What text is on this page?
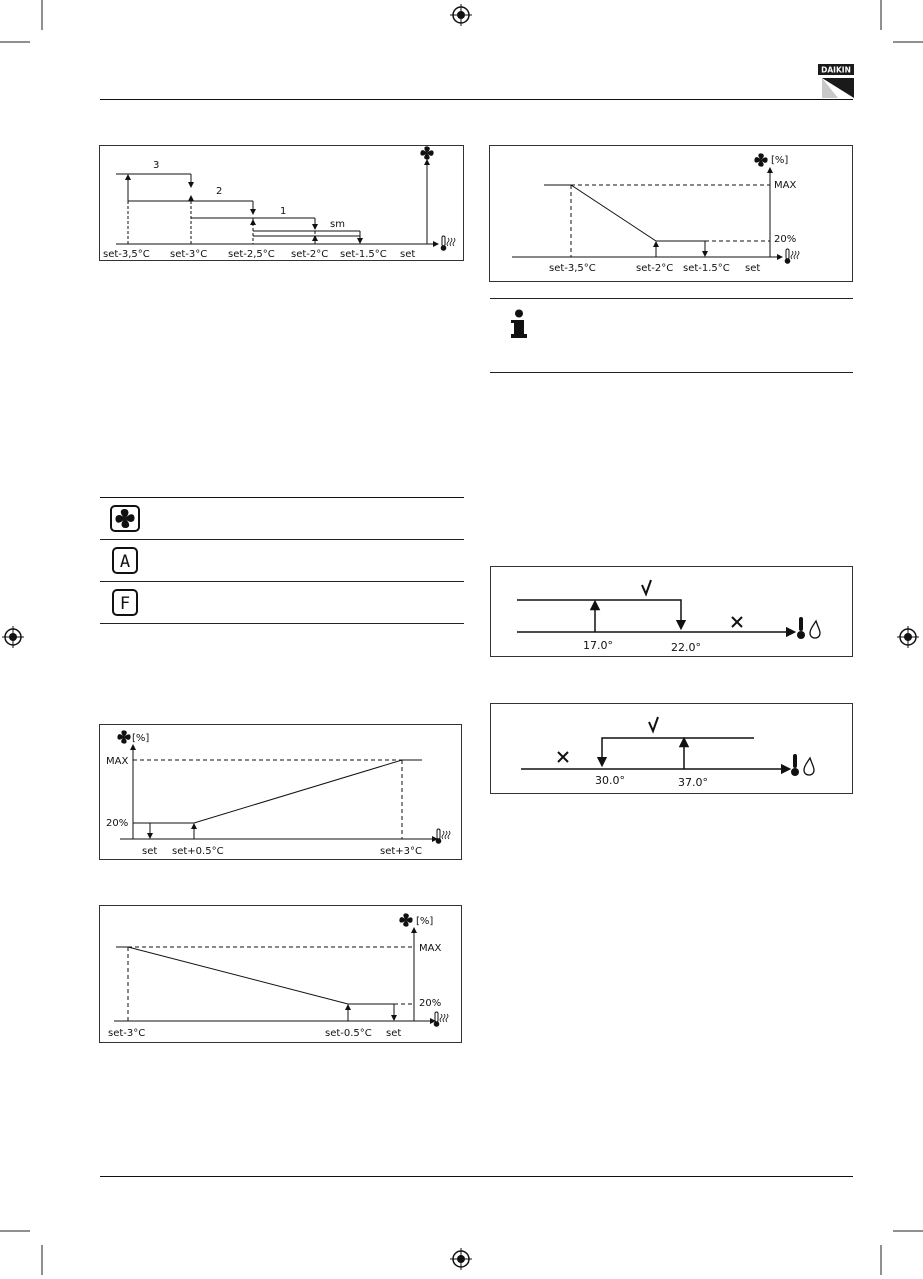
DAIKIN
3
2
1
sm
set-3,5°C set-3°C set-2,5°C set-2°C set-1.5°C set
[%]
MAX
20%
set-3,5°C	set-2°C set-1.5°C set
A
F
17.0°	22.0°
30.0°	37.0°
[%]
MAX
20%
set set+0.5°C	set+3°C
[%]
MAX
20%
set-3°C	set-0.5°C set
